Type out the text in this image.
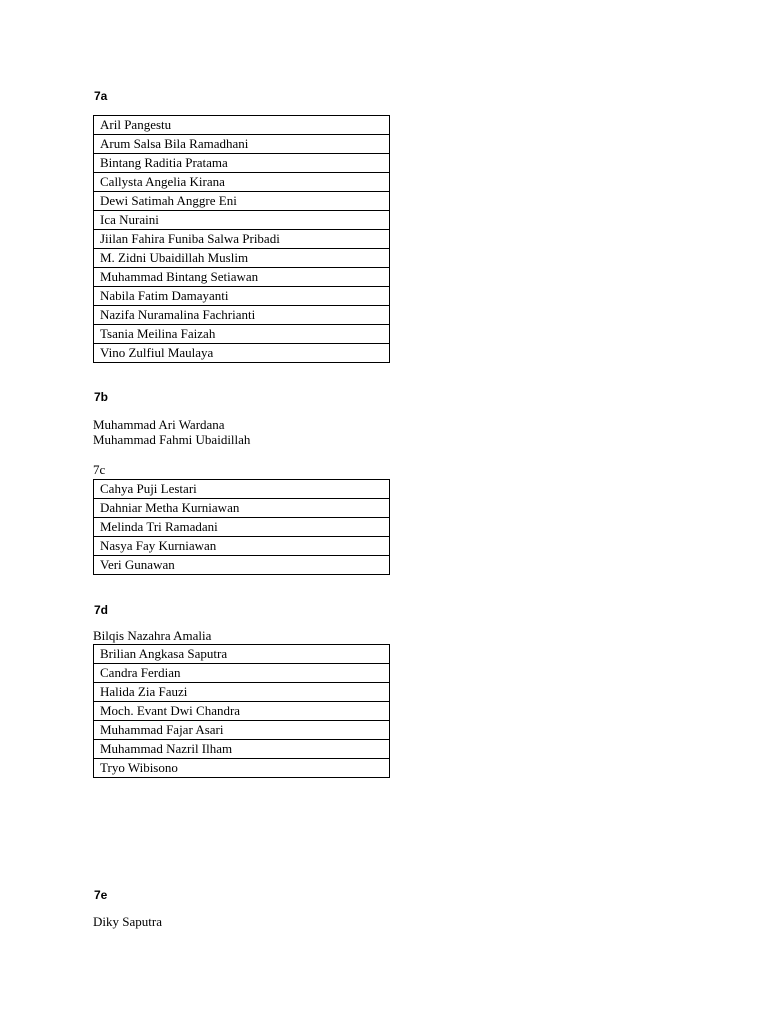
7a
Aril Pangestu
Arum Salsa Bila Ramadhani
Bintang Raditia Pratama
Callysta Angelia Kirana
Dewi Satimah Anggre Eni
Ica Nuraini
Jiilan Fahira Funiba Salwa Pribadi
M. Zidni Ubaidillah Muslim
Muhammad Bintang Setiawan
Nabila Fatim Damayanti
Nazifa Nuramalina Fachrianti
Tsania Meilina Faizah
Vino Zulfiul Maulaya
7b
Muhammad Ari Wardana
Muhammad Fahmi Ubaidillah
7c
Cahya Puji Lestari
Dahniar Metha Kurniawan
Melinda Tri Ramadani
Nasya Fay Kurniawan
Veri Gunawan
7d
Bilqis Nazahra Amalia
Brilian Angkasa Saputra
Candra Ferdian
Halida Zia Fauzi
Moch. Evant Dwi Chandra
Muhammad Fajar Asari
Muhammad Nazril Ilham
Tryo Wibisono
7e
Diky Saputra
